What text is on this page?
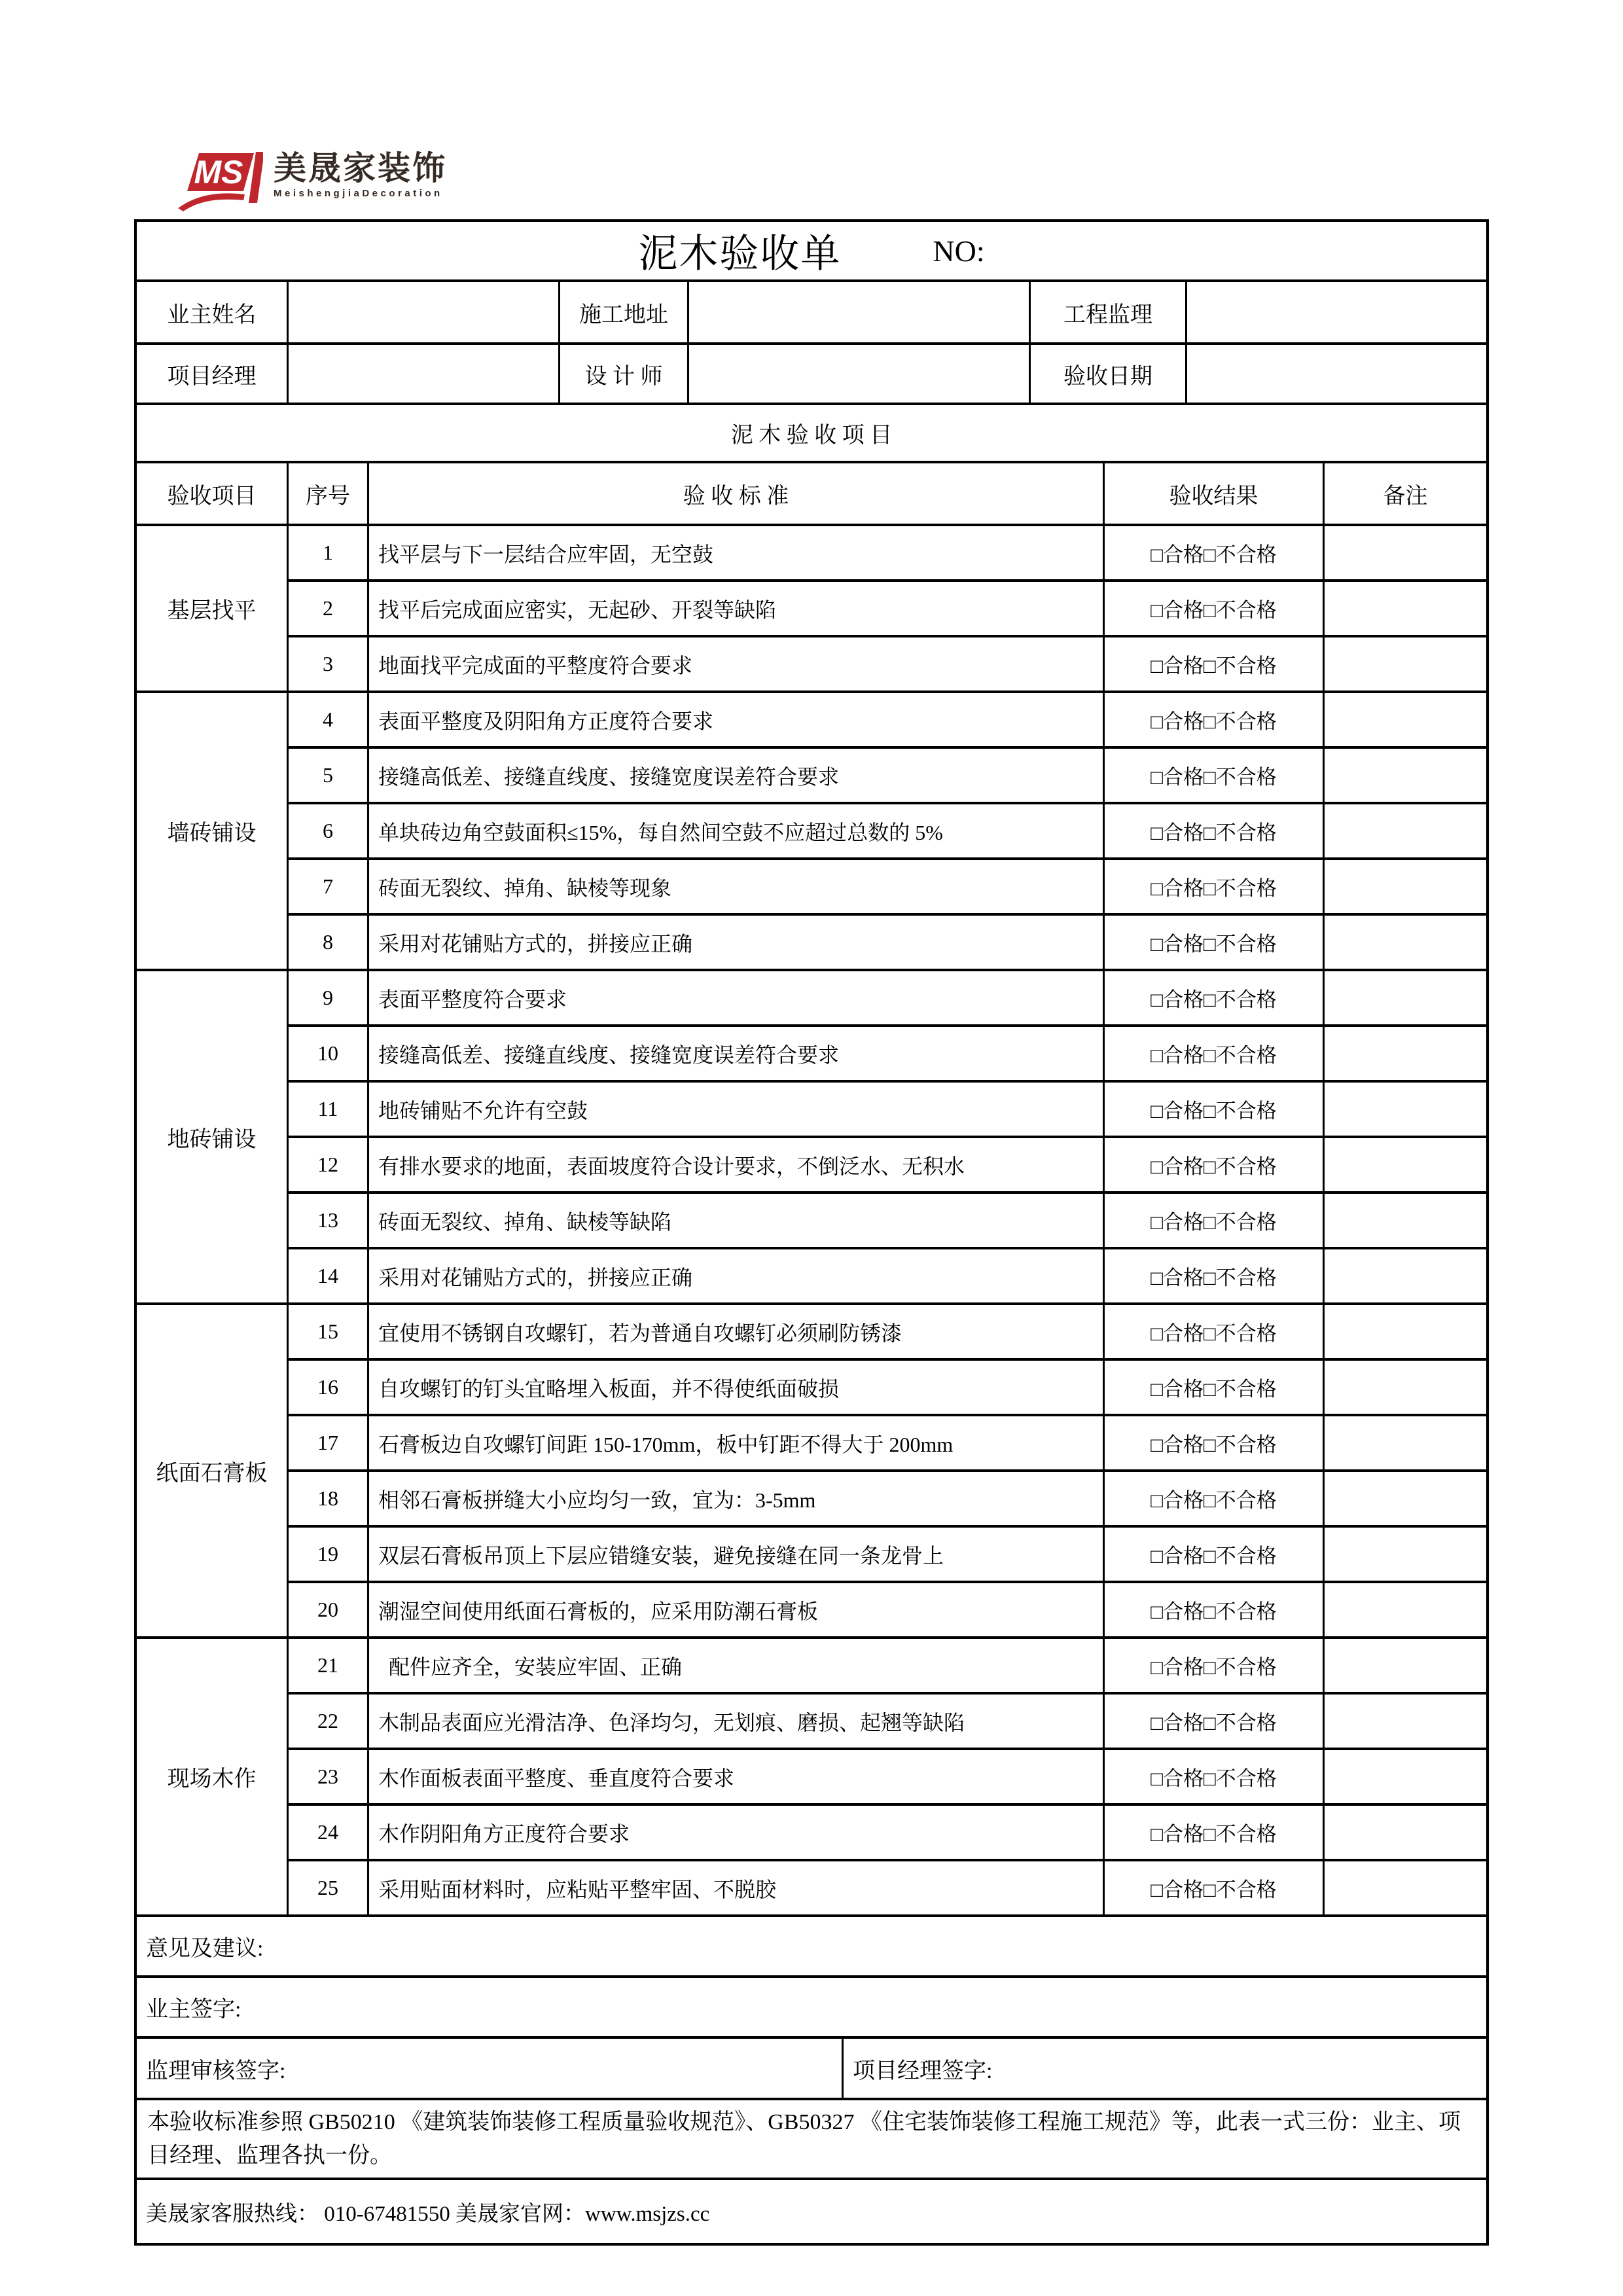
MS 美晟家装饰
MeishengjiaDecoration
泥木验收单	NO:
业主姓名	施工地址	工程监理
项目经理	设 计 师	验收日期
泥 木 验 收 项 目
验收项目	序号	验 收 标 准	验收结果	备注
基层找平
1	找平层与下一层结合应牢固，无空鼓	□合格□不合格
2	找平后完成面应密实，无起砂、开裂等缺陷	□合格□不合格
3	地面找平完成面的平整度符合要求	□合格□不合格
墙砖铺设
4	表面平整度及阴阳角方正度符合要求	□合格□不合格
5	接缝高低差、接缝直线度、接缝宽度误差符合要求	□合格□不合格
6	单块砖边角空鼓面积≤15%，每自然间空鼓不应超过总数的 5%	□合格□不合格
7	砖面无裂纹、掉角、缺棱等现象	□合格□不合格
8	采用对花铺贴方式的，拼接应正确	□合格□不合格
地砖铺设
9	表面平整度符合要求	□合格□不合格
10	接缝高低差、接缝直线度、接缝宽度误差符合要求	□合格□不合格
11	地砖铺贴不允许有空鼓	□合格□不合格
12	有排水要求的地面，表面坡度符合设计要求，不倒泛水、无积水	□合格□不合格
13	砖面无裂纹、掉角、缺棱等缺陷	□合格□不合格
14	采用对花铺贴方式的，拼接应正确	□合格□不合格
纸面石膏板
15	宜使用不锈钢自攻螺钉，若为普通自攻螺钉必须刷防锈漆	□合格□不合格
16	自攻螺钉的钉头宜略埋入板面，并不得使纸面破损	□合格□不合格
17	石膏板边自攻螺钉间距 150-170mm，板中钉距不得大于 200mm	□合格□不合格
18	相邻石膏板拼缝大小应均匀一致，宜为：3-5mm	□合格□不合格
19	双层石膏板吊顶上下层应错缝安装，避免接缝在同一条龙骨上	□合格□不合格
20	潮湿空间使用纸面石膏板的，应采用防潮石膏板	□合格□不合格
现场木作
21	配件应齐全，安装应牢固、正确	□合格□不合格
22	木制品表面应光滑洁净、色泽均匀，无划痕、磨损、起翘等缺陷	□合格□不合格
23	木作面板表面平整度、垂直度符合要求	□合格□不合格
24	木作阴阳角方正度符合要求	□合格□不合格
25	采用贴面材料时，应粘贴平整牢固、不脱胶	□合格□不合格
意见及建议:
业主签字:
监理审核签字:	项目经理签字:
本验收标准参照 GB50210 《建筑装饰装修工程质量验收规范》、GB50327 《住宅装饰装修工程施工规范》等，此表一式三份：业主、项目经理、监理各执一份。
美晟家客服热线： 010-67481550 美晟家官网：www.msjzs.cc
